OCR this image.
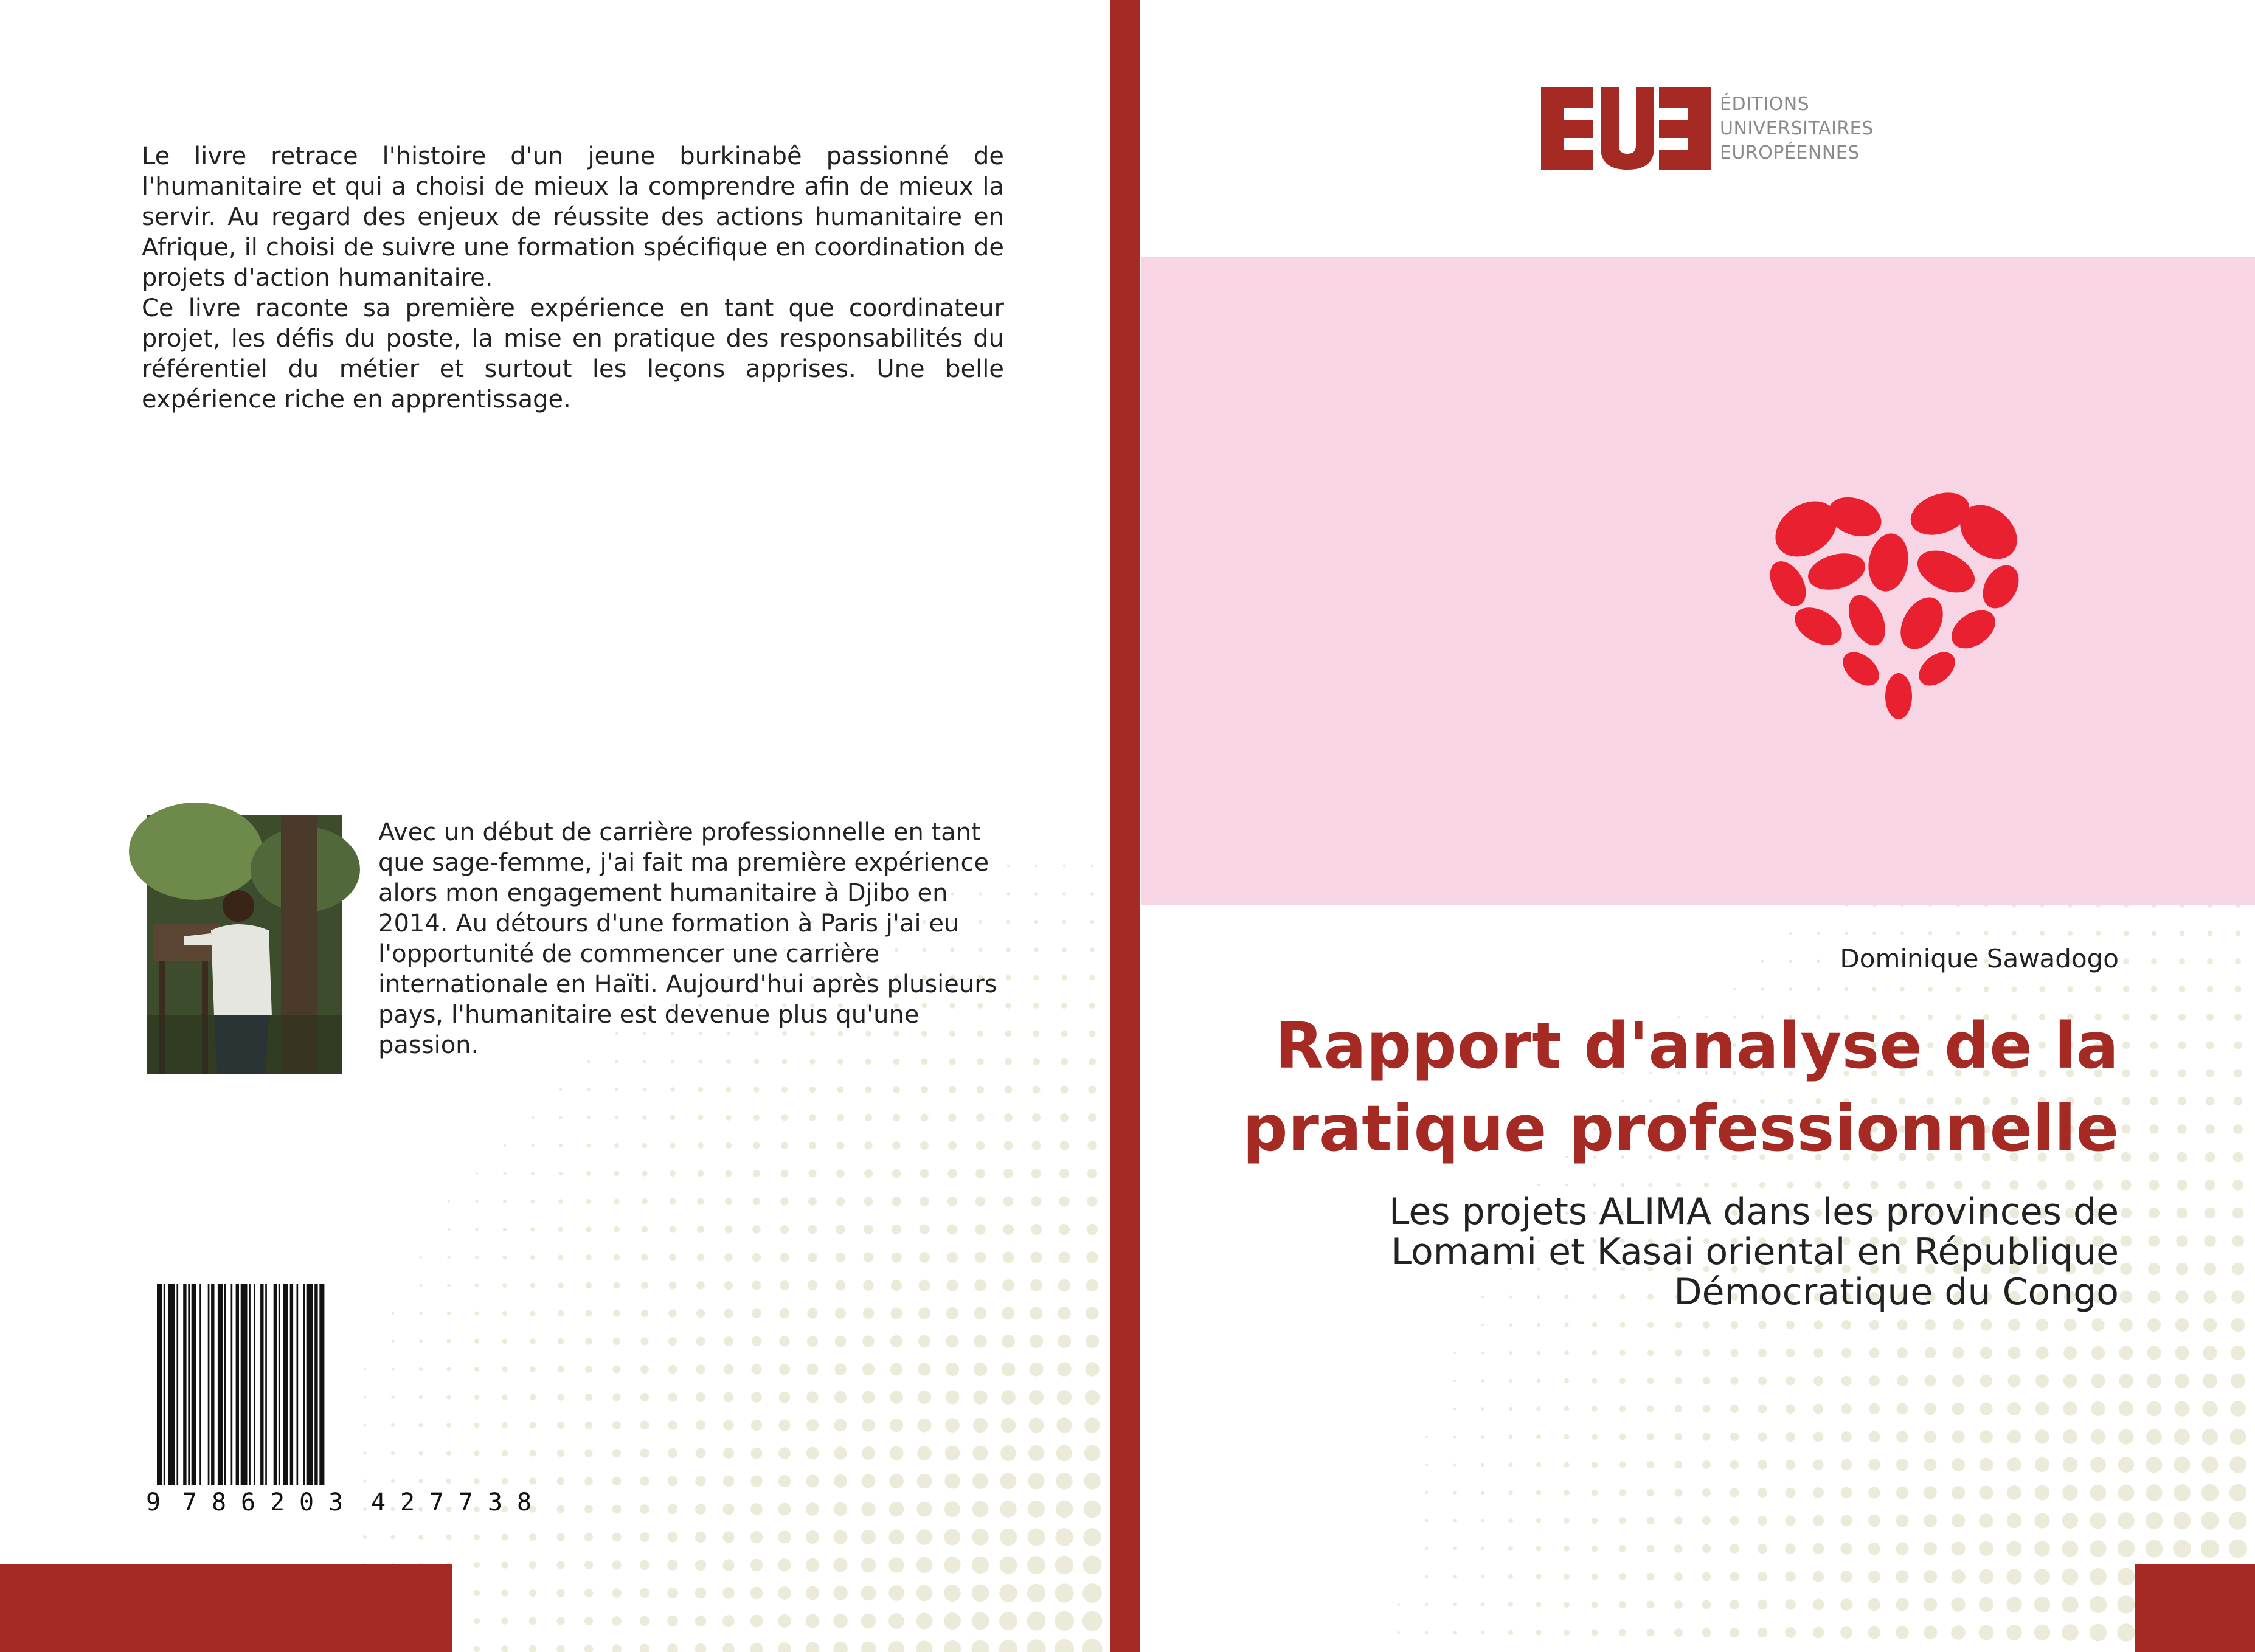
Le livre retrace l'histoire d'un jeune burkinabê passionné de l'humanitaire et qui a choisi de mieux la comprendre afin de mieux la servir. Au regard des enjeux de réussite des actions humanitaire en Afrique, il choisi de suivre une formation spécifique en coordination de projets d'action humanitaire.

Ce livre raconte sa première expérience en tant que coordinateur projet, les défis du poste, la mise en pratique des responsabilités du référentiel du métier et surtout les leçons apprises. Une belle expérience riche en apprentissage.

Avec un début de carrière professionnelle en tant que sage-femme, j'ai fait ma première expérience alors mon engagement humanitaire à Djibo en 2014. Au détours d'une formation à Paris j'ai eu l'opportunité de commencer une carrière internationale en Haïti. Aujourd'hui après plusieurs pays, l'humanitaire est devenue plus qu'une passion.
9 7 8 6 2 0 3 4 2 7 7 3 8
ÉDITIONS
UNIVERSITAIRES
EUROPÉENNES
Dominique Sawadogo
Rapport d'analyse de la pratique professionnelle
Les projets ALIMA dans les provinces de Lomami et Kasai oriental en République Démocratique du Congo
